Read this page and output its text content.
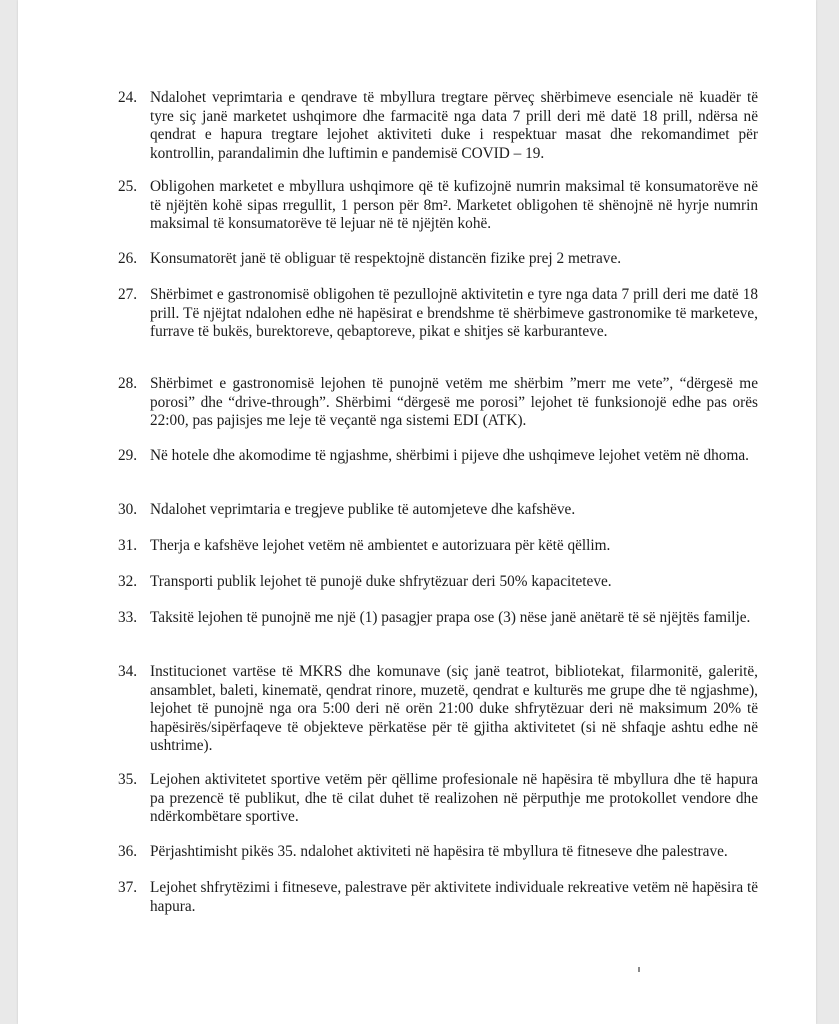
24. Ndalohet veprimtaria e qendrave të mbyllura tregtare përveç shërbimeve esenciale në kuadër të tyre siç janë marketet ushqimore dhe farmacitë nga data 7 prill deri më datë 18 prill, ndërsa në qendrat e hapura tregtare lejohet aktiviteti duke i respektuar masat dhe rekomandimet për kontrollin, parandalimin dhe luftimin e pandemisë COVID – 19.
25. Obligohen marketet e mbyllura ushqimore që të kufizojnë numrin maksimal të konsumatorëve në të njëjtën kohë sipas rregullit, 1 person për 8m². Marketet obligohen të shënojnë në hyrje numrin maksimal të konsumatorëve të lejuar në të njëjtën kohë.
26. Konsumatorët janë të obliguar të respektojnë distancën fizike prej 2 metrave.
27. Shërbimet e gastronomisë obligohen të pezullojnë aktivitetin e tyre nga data 7 prill deri me datë 18 prill. Të njëjtat ndalohen edhe në hapësirat e brendshme të shërbimeve gastronomike të marketeve, furrave të bukës, burektoreve, qebaptoreve, pikat e shitjes së karburanteve.
28. Shërbimet e gastronomisë lejohen të punojnë vetëm me shërbim ”merr me vete”, “dërgesë me porosi” dhe “drive-through”. Shërbimi “dërgesë me porosi” lejohet të funksionojë edhe pas orës 22:00, pas pajisjes me leje të veçantë nga sistemi EDI (ATK).
29. Në hotele dhe akomodime të ngjashme, shërbimi i pijeve dhe ushqimeve lejohet vetëm në dhoma.
30. Ndalohet veprimtaria e tregjeve publike të automjeteve dhe kafshëve.
31. Therja e kafshëve lejohet vetëm në ambientet e autorizuara për këtë qëllim.
32. Transporti publik lejohet të punojë duke shfrytëzuar deri 50% kapaciteteve.
33. Taksitë lejohen të punojnë me një (1) pasagjer prapa ose (3) nëse janë anëtarë të së njëjtës familje.
34. Institucionet vartëse të MKRS dhe komunave (siç janë teatrot, bibliotekat, filarmonitë, galeritë, ansamblet, baleti, kinematë, qendrat rinore, muzetë, qendrat e kulturës me grupe dhe të ngjashme), lejohet të punojnë nga ora 5:00 deri në orën 21:00 duke shfrytëzuar deri në maksimum 20% të hapësirës/sipërfaqeve të objekteve përkatëse për të gjitha aktivitetet (si në shfaqje ashtu edhe në ushtrime).
35. Lejohen aktivitetet sportive vetëm për qëllime profesionale në hapësira të mbyllura dhe të hapura pa prezencë të publikut, dhe të cilat duhet të realizohen në përputhje me protokollet vendore dhe ndërkombëtare sportive.
36. Përjashtimisht pikës 35. ndalohet aktiviteti në hapësira të mbyllura të fitneseve dhe palestrave.
37. Lejohet shfrytëzimi i fitneseve, palestrave për aktivitete individuale rekreative vetëm në hapësira të hapura.
